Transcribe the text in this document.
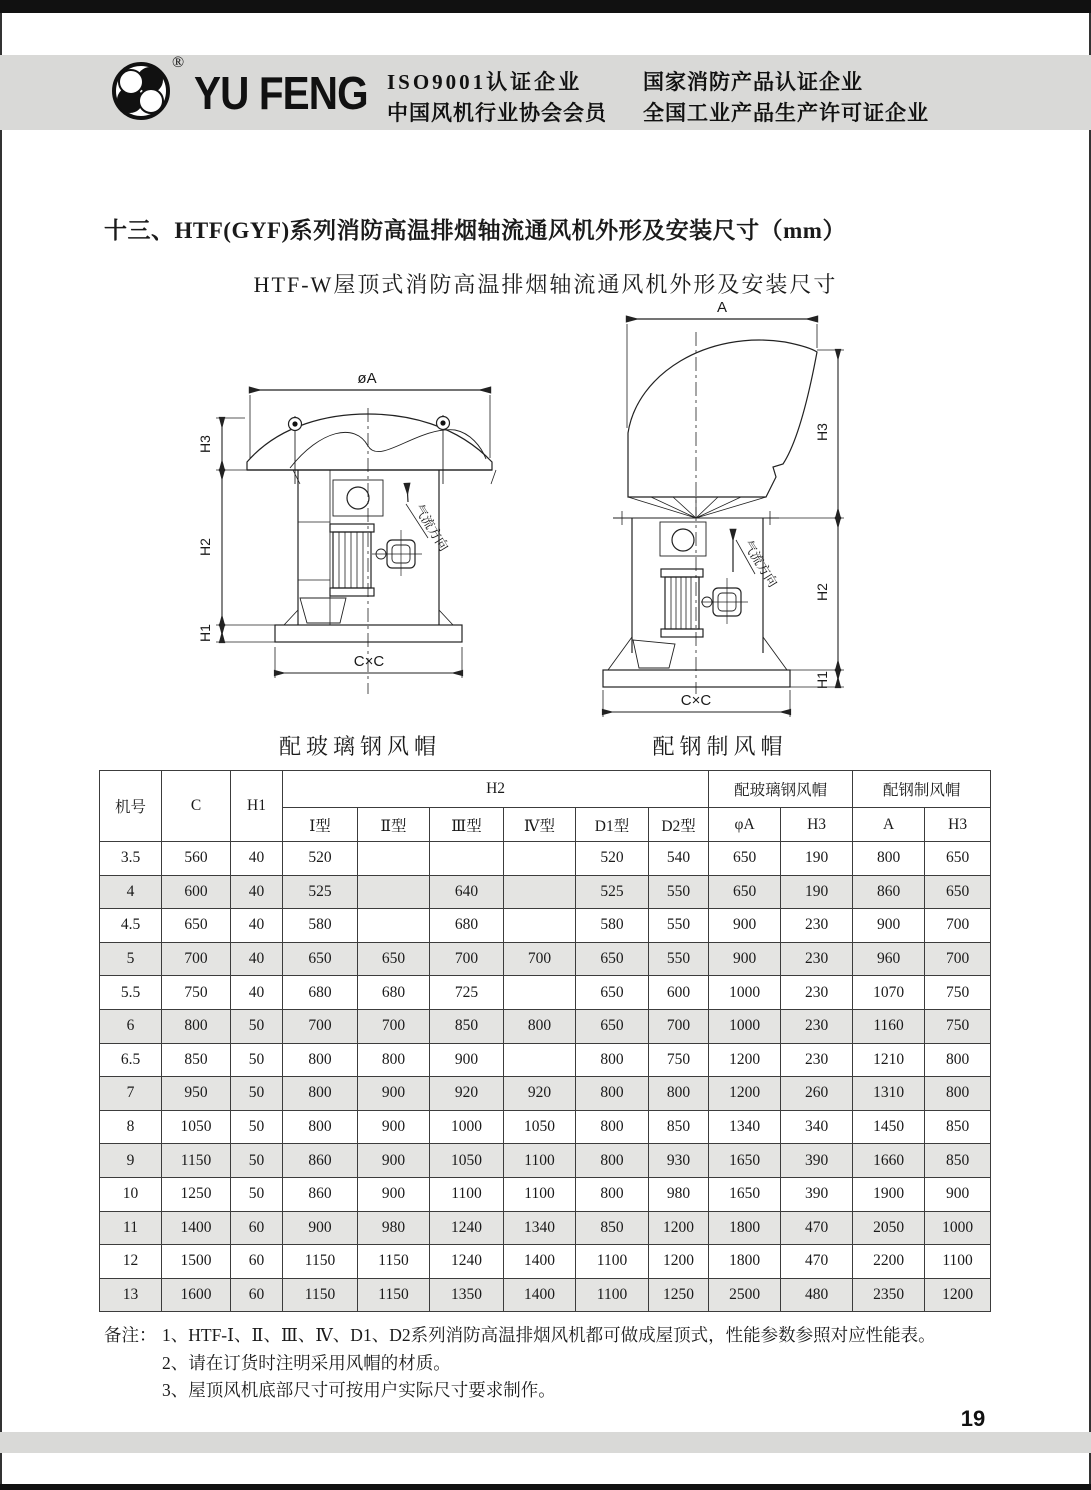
®
YU FENG ISO9001认证企业	国家消防产品认证企业
中国风机行业协会会员 全国工业产品生产许可证企业
十三、HTF(GYF)系列消防高温排烟轴流通风机外形及安装尺寸（mm）
HTF-W屋顶式消防高温排烟轴流通风机外形及安装尺寸
øA
H3
H2
H1
C×C
气流方向
A
H3
H2
H1
C×C
气流方向
配玻璃钢风帽	配钢制风帽
机号	C	H1	H2						配玻璃钢风帽		配钢制风帽	
			Ⅰ型	Ⅱ型	Ⅲ型	Ⅳ型	D1型	D2型	φA	H3	A	H3
3.5	560	40	520				520	540	650	190	800	650
4	600	40	525		640		525	550	650	190	860	650
4.5	650	40	580		680		580	550	900	230	900	700
5	700	40	650	650	700	700	650	550	900	230	960	700
5.5	750	40	680	680	725		650	600	1000	230	1070	750
6	800	50	700	700	850	800	650	700	1000	230	1160	750
6.5	850	50	800	800	900		800	750	1200	230	1210	800
7	950	50	800	900	920	920	800	800	1200	260	1310	800
8	1050	50	800	900	1000	1050	800	850	1340	340	1450	850
9	1150	50	860	900	1050	1100	800	930	1650	390	1660	850
10	1250	50	860	900	1100	1100	800	980	1650	390	1900	900
11	1400	60	900	980	1240	1340	850	1200	1800	470	2050	1000
12	1500	60	1150	1150	1240	1400	1100	1200	1800	470	2200	1100
13	1600	60	1150	1150	1350	1400	1100	1250	2500	480	2350	1200
备注： 1、HTF-Ⅰ、Ⅱ、Ⅲ、Ⅳ、D1、D2系列消防高温排烟风机都可做成屋顶式，性能参数参照对应性能表。
2、请在订货时注明采用风帽的材质。
3、屋顶风机底部尺寸可按用户实际尺寸要求制作。
19
